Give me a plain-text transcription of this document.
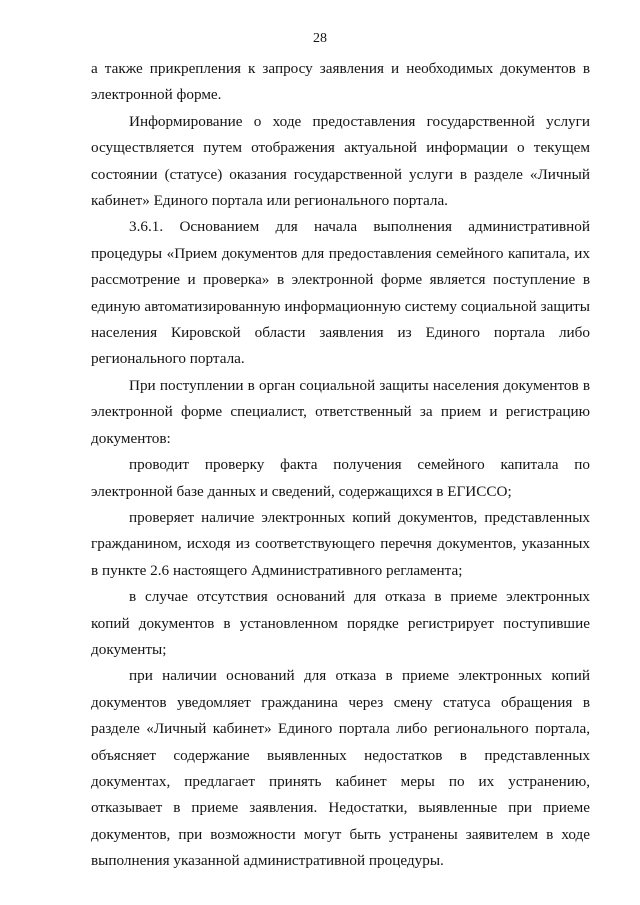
28

а также прикрепления к запросу заявления и необходимых документов в электронной форме.

Информирование о ходе предоставления государственной услуги осуществляется путем отображения актуальной информации о текущем состоянии (статусе) оказания государственной услуги в разделе «Личный кабинет» Единого портала или регионального портала.

3.6.1. Основанием для начала выполнения административной процедуры «Прием документов для предоставления семейного капитала, их рассмотрение и проверка» в электронной форме является поступление в единую автоматизированную информационную систему социальной защиты населения Кировской области заявления из Единого портала либо регионального портала.

При поступлении в орган социальной защиты населения документов в электронной форме специалист, ответственный за прием и регистрацию документов:

проводит проверку факта получения семейного капитала по электронной базе данных и сведений, содержащихся в ЕГИССО;

проверяет наличие электронных копий документов, представленных гражданином, исходя из соответствующего перечня документов, указанных в пункте 2.6 настоящего Административного регламента;

в случае отсутствия оснований для отказа в приеме электронных копий документов в установленном порядке регистрирует поступившие документы;

при наличии оснований для отказа в приеме электронных копий документов уведомляет гражданина через смену статуса обращения в разделе «Личный кабинет» Единого портала либо регионального портала, объясняет содержание выявленных недостатков в представленных документах, предлагает принять кабинет меры по их устранению, отказывает в приеме заявления. Недостатки, выявленные при приеме документов, при возможности могут быть устранены заявителем в ходе выполнения указанной административной процедуры.
